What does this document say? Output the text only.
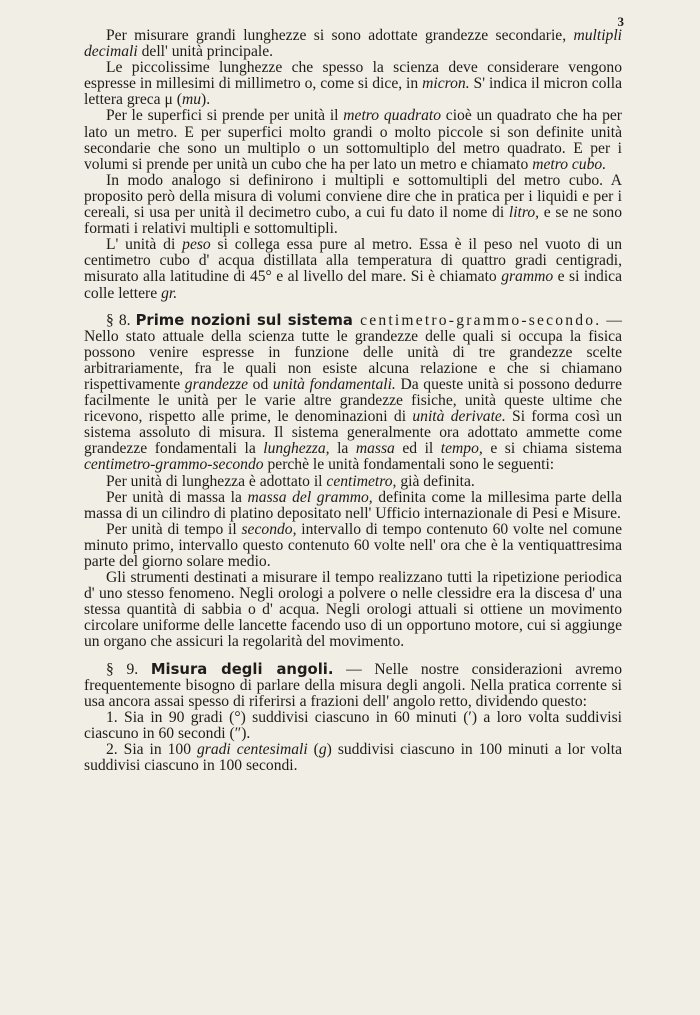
3

Per misurare grandi lunghezze si sono adottate grandezze secondarie, multipli decimali dell' unità principale.

Le piccolissime lunghezze che spesso la scienza deve considerare vengono espresse in millesimi di millimetro o, come si dice, in micron. S' indica il micron colla lettera greca μ (mu).

Per le superfici si prende per unità il metro quadrato cioè un quadrato che ha per lato un metro. E per superfici molto grandi o molto piccole si son definite unità secondarie che sono un multiplo o un sottomultiplo del metro quadrato. E per i volumi si prende per unità un cubo che ha per lato un metro e chiamato metro cubo.

In modo analogo si definirono i multipli e sottomultipli del metro cubo. A proposito però della misura di volumi conviene dire che in pratica per i liquidi e per i cereali, si usa per unità il decimetro cubo, a cui fu dato il nome di litro, e se ne sono formati i relativi multipli e sottomultipli.

L' unità di peso si collega essa pure al metro. Essa è il peso nel vuoto di un centimetro cubo d' acqua distillata alla temperatura di quattro gradi centigradi, misurato alla latitudine di 45° e al livello del mare. Si è chiamato grammo e si indica colle lettere gr.

§ 8. Prime nozioni sul sistema centimetro-grammo-secondo. — Nello stato attuale della scienza tutte le grandezze delle quali si occupa la fisica possono venire espresse in funzione delle unità di tre grandezze scelte arbitrariamente, fra le quali non esiste alcuna relazione e che si chiamano rispettivamente grandezze od unità fondamentali. Da queste unità si possono dedurre facilmente le unità per le varie altre grandezze fisiche, unità queste ultime che ricevono, rispetto alle prime, le denominazioni di unità derivate. Si forma così un sistema assoluto di misura. Il sistema generalmente ora adottato ammette come grandezze fondamentali la lunghezza, la massa ed il tempo, e si chiama sistema centimetro-grammo-secondo perchè le unità fondamentali sono le seguenti:

Per unità di lunghezza è adottato il centimetro, già definita.

Per unità di massa la massa del grammo, definita come la millesima parte della massa di un cilindro di platino depositato nell' Ufficio internazionale di Pesi e Misure.

Per unità di tempo il secondo, intervallo di tempo contenuto 60 volte nel comune minuto primo, intervallo questo contenuto 60 volte nell' ora che è la ventiquattresima parte del giorno solare medio.

Gli strumenti destinati a misurare il tempo realizzano tutti la ripetizione periodica d' uno stesso fenomeno. Negli orologi a polvere o nelle clessidre era la discesa d' una stessa quantità di sabbia o d' acqua. Negli orologi attuali si ottiene un movimento circolare uniforme delle lancette facendo uso di un opportuno motore, cui si aggiunge un organo che assicuri la regolarità del movimento.

§ 9. Misura degli angoli. — Nelle nostre considerazioni avremo frequentemente bisogno di parlare della misura degli angoli. Nella pratica corrente si usa ancora assai spesso di riferirsi a frazioni dell' angolo retto, dividendo questo:

1. Sia in 90 gradi (°) suddivisi ciascuno in 60 minuti (′) a loro volta suddivisi ciascuno in 60 secondi (″).

2. Sia in 100 gradi centesimali (g) suddivisi ciascuno in 100 minuti a lor volta suddivisi ciascuno in 100 secondi.
